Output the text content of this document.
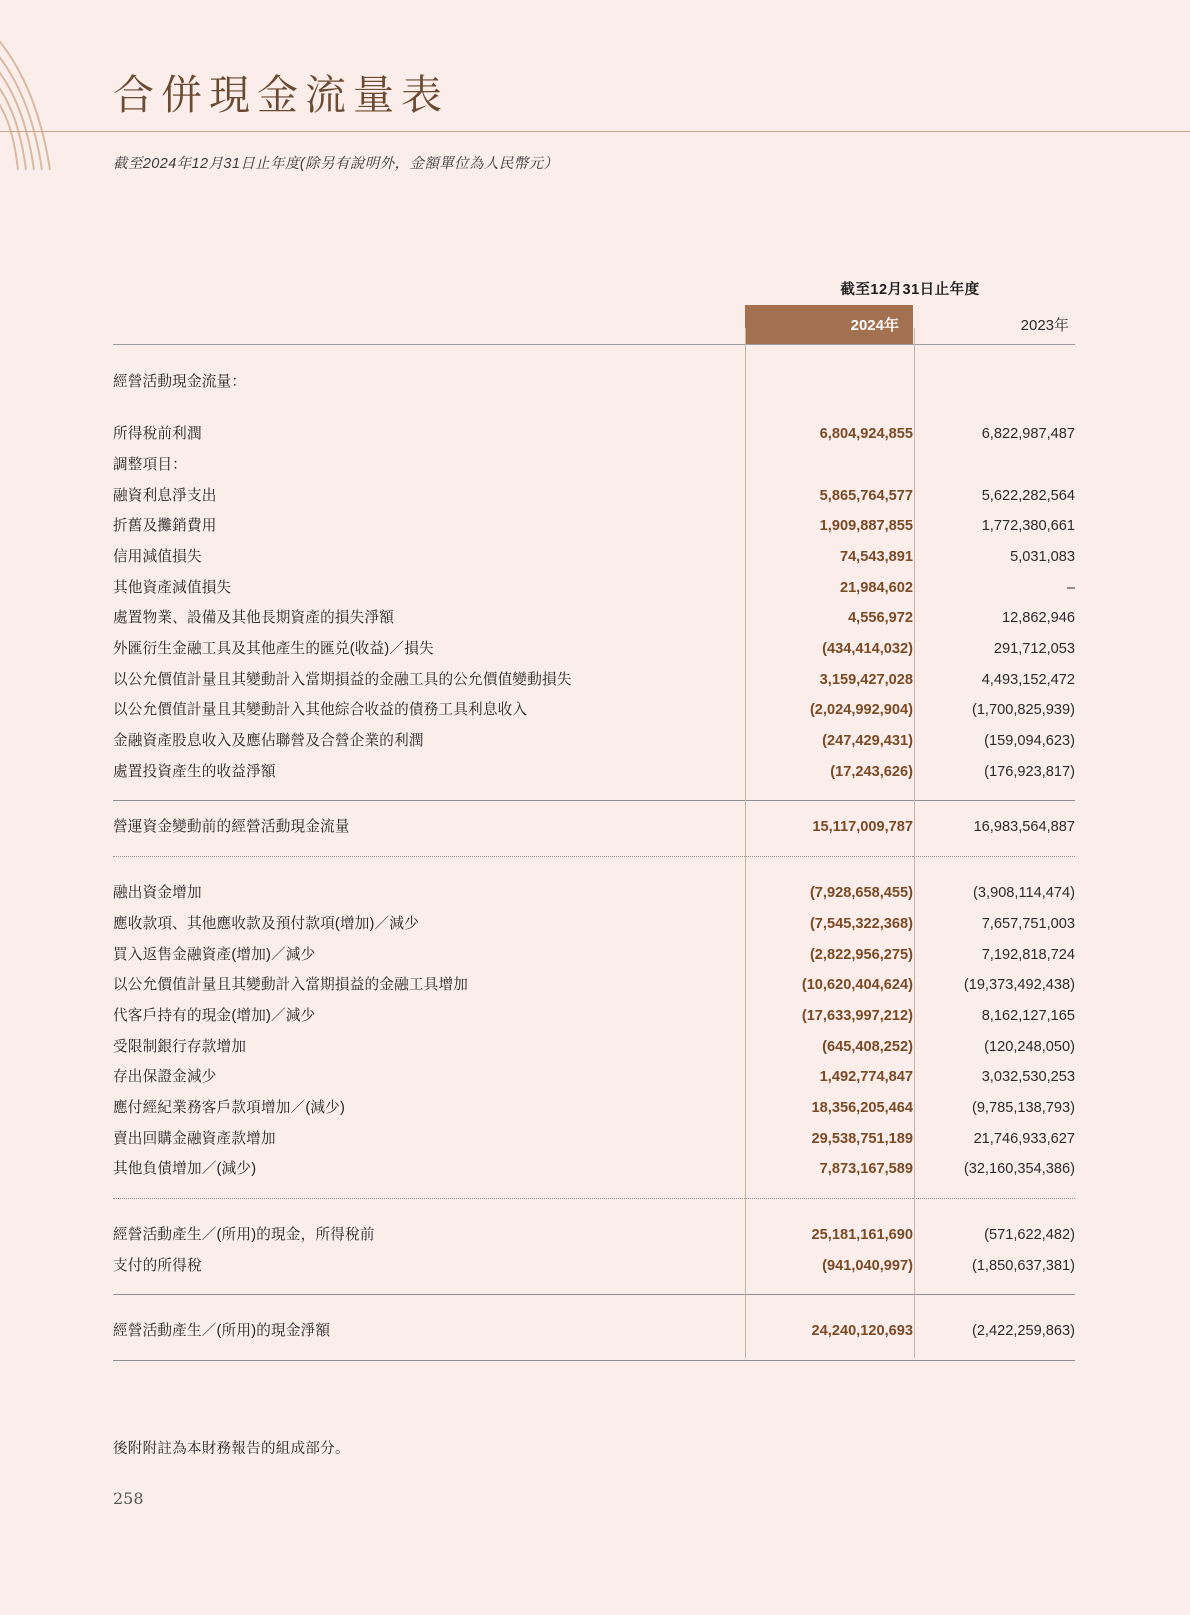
合併現金流量表
截至2024年12月31日止年度(除另有說明外，金額單位為人民幣元）
	截至12月31日止年度	
	2024年	2023年

經營活動現金流量：		

所得稅前利潤	6,804,924,855	6,822,987,487
調整項目：		
融資利息淨支出	5,865,764,577	5,622,282,564
折舊及攤銷費用	1,909,887,855	1,772,380,661
信用減值損失	74,543,891	5,031,083
其他資產減值損失	21,984,602	–
處置物業、設備及其他長期資產的損失淨額	4,556,972	12,862,946
外匯衍生金融工具及其他產生的匯兑(收益)／損失	(434,414,032)	291,712,053
以公允價值計量且其變動計入當期損益的金融工具的公允價值變動損失	3,159,427,028	4,493,152,472
以公允價值計量且其變動計入其他綜合收益的債務工具利息收入	(2,024,992,904)	(1,700,825,939)
金融資產股息收入及應佔聯營及合營企業的利潤	(247,429,431)	(159,094,623)
處置投資產生的收益淨額	(17,243,626)	(176,923,817)

營運資金變動前的經營活動現金流量	15,117,009,787	16,983,564,887

融出資金增加	(7,928,658,455)	(3,908,114,474)
應收款項、其他應收款及預付款項(增加)／減少	(7,545,322,368)	7,657,751,003
買入返售金融資產(增加)／減少	(2,822,956,275)	7,192,818,724
以公允價值計量且其變動計入當期損益的金融工具增加	(10,620,404,624)	(19,373,492,438)
代客戶持有的現金(增加)／減少	(17,633,997,212)	8,162,127,165
受限制銀行存款增加	(645,408,252)	(120,248,050)
存出保證金減少	1,492,774,847	3,032,530,253
應付經紀業務客戶款項增加／(減少)	18,356,205,464	(9,785,138,793)
賣出回購金融資產款增加	29,538,751,189	21,746,933,627
其他負債增加／(減少)	7,873,167,589	(32,160,354,386)

經營活動產生／(所用)的現金，所得稅前	25,181,161,690	(571,622,482)
支付的所得稅	(941,040,997)	(1,850,637,381)

經營活動產生／(所用)的現金淨額	24,240,120,693	(2,422,259,863)

後附附註為本財務報告的組成部分。
258
